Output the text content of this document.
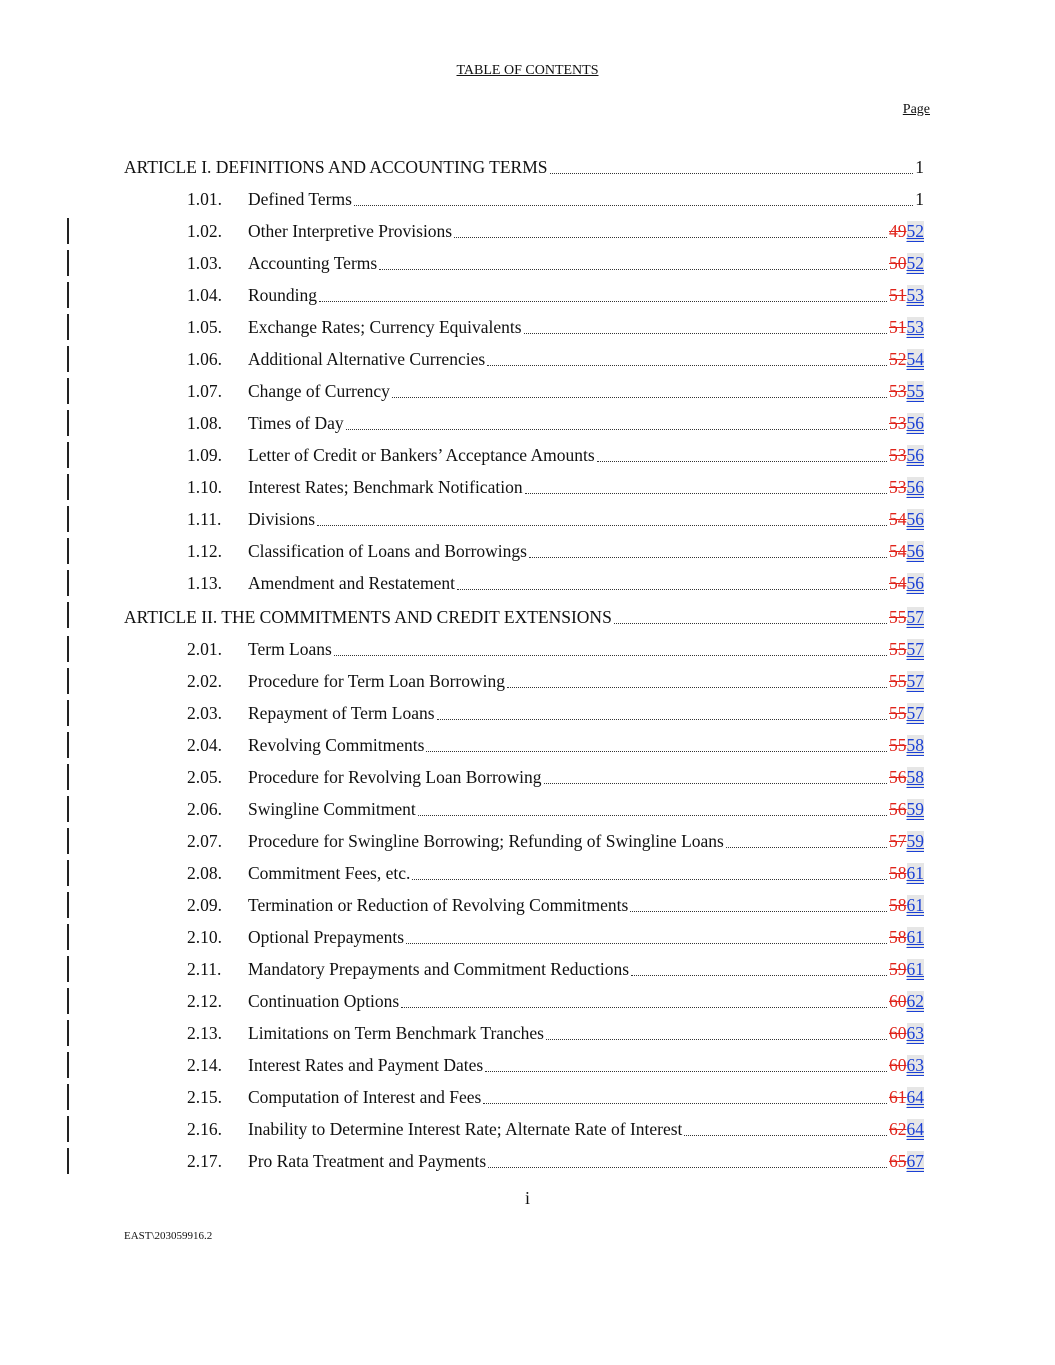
TABLE OF CONTENTS
Page
ARTICLE I. DEFINITIONS AND ACCOUNTING TERMS	1
1.01.	Defined Terms	1
1.02.	Other Interpretive Provisions	4952
1.03.	Accounting Terms	5052
1.04.	Rounding	5153
1.05.	Exchange Rates; Currency Equivalents	5153
1.06.	Additional Alternative Currencies	5254
1.07.	Change of Currency	5355
1.08.	Times of Day	5356
1.09.	Letter of Credit or Bankers’ Acceptance Amounts	5356
1.10.	Interest Rates; Benchmark Notification	5356
1.11.	Divisions	5456
1.12.	Classification of Loans and Borrowings	5456
1.13.	Amendment and Restatement	5456
ARTICLE II. THE COMMITMENTS AND CREDIT EXTENSIONS	5557
2.01.	Term Loans	5557
2.02.	Procedure for Term Loan Borrowing	5557
2.03.	Repayment of Term Loans	5557
2.04.	Revolving Commitments	5558
2.05.	Procedure for Revolving Loan Borrowing	5658
2.06.	Swingline Commitment	5659
2.07.	Procedure for Swingline Borrowing; Refunding of Swingline Loans	5759
2.08.	Commitment Fees, etc.	5861
2.09.	Termination or Reduction of Revolving Commitments	5861
2.10.	Optional Prepayments	5861
2.11.	Mandatory Prepayments and Commitment Reductions	5961
2.12.	Continuation Options	6062
2.13.	Limitations on Term Benchmark Tranches	6063
2.14.	Interest Rates and Payment Dates	6063
2.15.	Computation of Interest and Fees	6164
2.16.	Inability to Determine Interest Rate; Alternate Rate of Interest	6264
2.17.	Pro Rata Treatment and Payments	6567
i
EAST\203059916.2
